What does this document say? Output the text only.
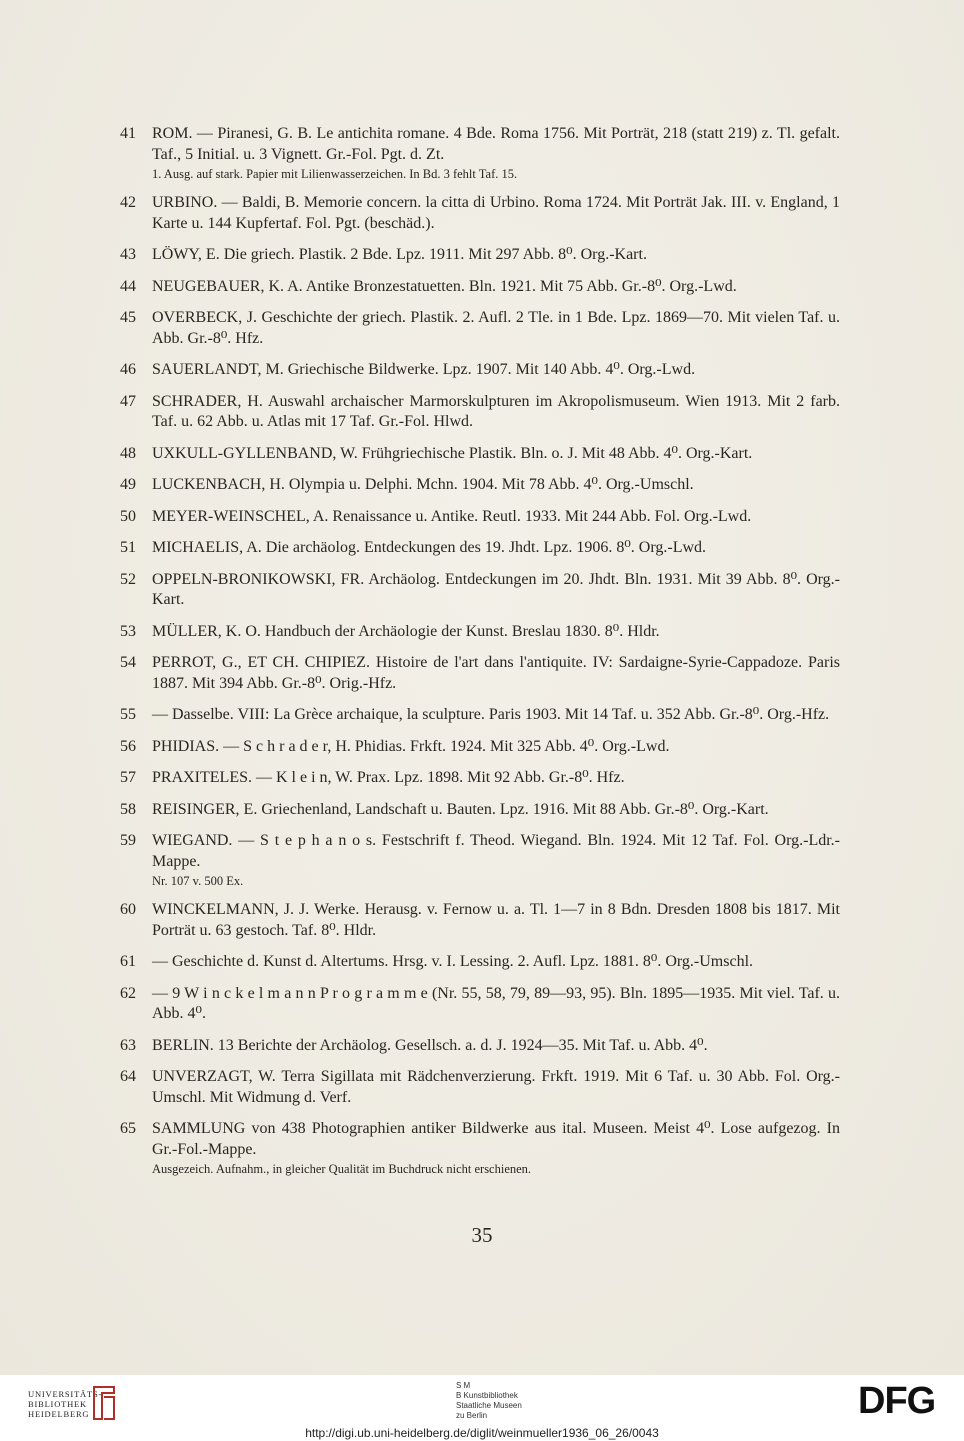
41	ROM. — Piranesi, G. B. Le antichita romane. 4 Bde. Roma 1756. Mit Porträt, 218 (statt 219) z. Tl. gefalt. Taf., 5 Initial. u. 3 Vignett. Gr.-Fol. Pgt. d. Zt.
1. Ausg. auf stark. Papier mit Lilienwasserzeichen. In Bd. 3 fehlt Taf. 15.
42	URBINO. — Baldi, B. Memorie concern. la citta di Urbino. Roma 1724. Mit Porträt Jak. III. v. England, 1 Karte u. 144 Kupfertaf. Fol. Pgt. (beschäd.).
43	LÖWY, E. Die griech. Plastik. 2 Bde. Lpz. 1911. Mit 297 Abb. 8⁰. Org.-Kart.
44	NEUGEBAUER, K. A. Antike Bronzestatuetten. Bln. 1921. Mit 75 Abb. Gr.-8⁰. Org.-Lwd.
45	OVERBECK, J. Geschichte der griech. Plastik. 2. Aufl. 2 Tle. in 1 Bde. Lpz. 1869—70. Mit vielen Taf. u. Abb. Gr.-8⁰. Hfz.
46	SAUERLANDT, M. Griechische Bildwerke. Lpz. 1907. Mit 140 Abb. 4⁰. Org.-Lwd.
47	SCHRADER, H. Auswahl archaischer Marmorskulpturen im Akropolismuseum. Wien 1913. Mit 2 farb. Taf. u. 62 Abb. u. Atlas mit 17 Taf. Gr.-Fol. Hlwd.
48	UXKULL-GYLLENBAND, W. Frühgriechische Plastik. Bln. o. J. Mit 48 Abb. 4⁰. Org.-Kart.
49	LUCKENBACH, H. Olympia u. Delphi. Mchn. 1904. Mit 78 Abb. 4⁰. Org.-Umschl.
50	MEYER-WEINSCHEL, A. Renaissance u. Antike. Reutl. 1933. Mit 244 Abb. Fol. Org.-Lwd.
51	MICHAELIS, A. Die archäolog. Entdeckungen des 19. Jhdt. Lpz. 1906. 8⁰. Org.-Lwd.
52	OPPELN-BRONIKOWSKI, FR. Archäolog. Entdeckungen im 20. Jhdt. Bln. 1931. Mit 39 Abb. 8⁰. Org.-Kart.
53	MÜLLER, K. O. Handbuch der Archäologie der Kunst. Breslau 1830. 8⁰. Hldr.
54	PERROT, G., ET CH. CHIPIEZ. Histoire de l'art dans l'antiquite. IV: Sardaigne-Syrie-Cappadoze. Paris 1887. Mit 394 Abb. Gr.-8⁰. Orig.-Hfz.
55	— Dasselbe. VIII: La Grèce archaique, la sculpture. Paris 1903. Mit 14 Taf. u. 352 Abb. Gr.-8⁰. Org.-Hfz.
56	PHIDIAS. — S c h r a d e r, H. Phidias. Frkft. 1924. Mit 325 Abb. 4⁰. Org.-Lwd.
57	PRAXITELES. — K l e i n, W. Prax. Lpz. 1898. Mit 92 Abb. Gr.-8⁰. Hfz.
58	REISINGER, E. Griechenland, Landschaft u. Bauten. Lpz. 1916. Mit 88 Abb. Gr.-8⁰. Org.-Kart.
59	WIEGAND. — S t e p h a n o s. Festschrift f. Theod. Wiegand. Bln. 1924. Mit 12 Taf. Fol. Org.-Ldr.-Mappe.
Nr. 107 v. 500 Ex.
60	WINCKELMANN, J. J. Werke. Herausg. v. Fernow u. a. Tl. 1—7 in 8 Bdn. Dresden 1808 bis 1817. Mit Porträt u. 63 gestoch. Taf. 8⁰. Hldr.
61	— Geschichte d. Kunst d. Altertums. Hrsg. v. I. Lessing. 2. Aufl. Lpz. 1881. 8⁰. Org.-Umschl.
62	— 9 W i n c k e l m a n n P r o g r a m m e (Nr. 55, 58, 79, 89—93, 95). Bln. 1895—1935. Mit viel. Taf. u. Abb. 4⁰.
63	BERLIN. 13 Berichte der Archäolog. Gesellsch. a. d. J. 1924—35. Mit Taf. u. Abb. 4⁰.
64	UNVERZAGT, W. Terra Sigillata mit Rädchenverzierung. Frkft. 1919. Mit 6 Taf. u. 30 Abb. Fol. Org.-Umschl. Mit Widmung d. Verf.
65	SAMMLUNG von 438 Photographien antiker Bildwerke aus ital. Museen. Meist 4⁰. Lose aufgezog. In Gr.-Fol.-Mappe.
Ausgezeich. Aufnahm., in gleicher Qualität im Buchdruck nicht erschienen.
35
UNIVERSITÄTS-
BIBLIOTHEK
HEIDELBERG
S M
B Kunstbibliothek
Staatliche Museen
zu Berlin	DFG
http://digi.ub.uni-heidelberg.de/diglit/weinmueller1936_06_26/0043
